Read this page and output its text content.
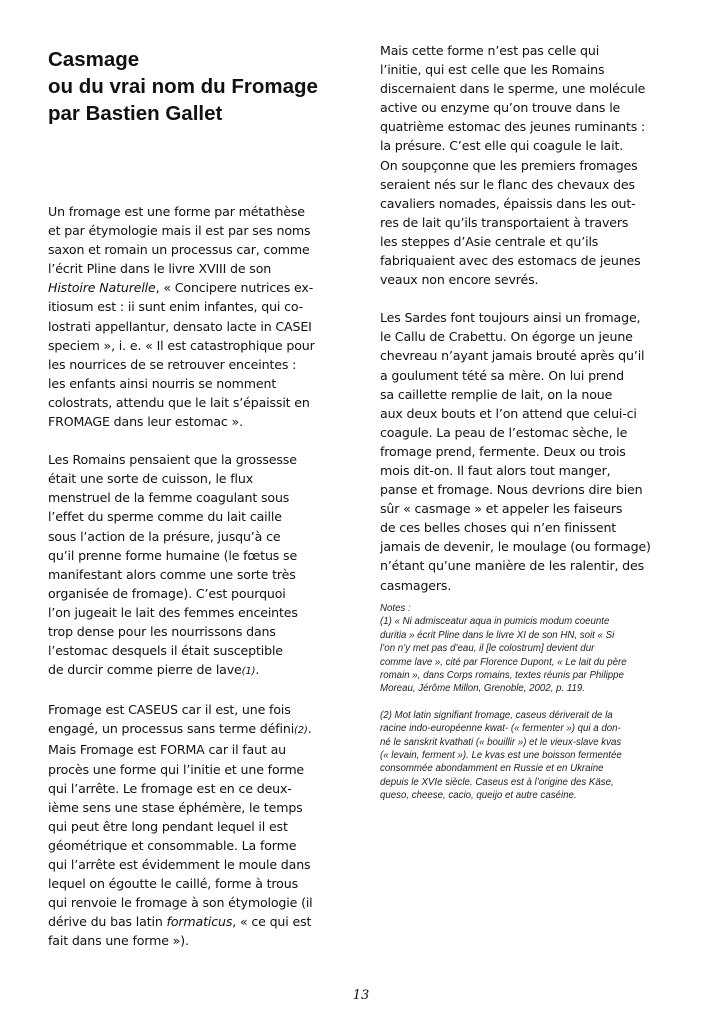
Casmage
ou du vrai nom du Fromage
par Bastien Gallet
Un fromage est une forme par métathèse
et par étymologie mais il est par ses noms
saxon et romain un processus car, comme
l’écrit Pline dans le livre XVIII de son
Histoire Naturelle, « Concipere nutrices ex-
itiosum est : ii sunt enim infantes, qui co-
lostrati appellantur, densato lacte in CASEI
speciem », i. e. « Il est catastrophique pour
les nourrices de se retrouver enceintes :
les enfants ainsi nourris se nomment
colostrats, attendu que le lait s’épaissit en
FROMAGE dans leur estomac ».
Les Romains pensaient que la grossesse
était une sorte de cuisson, le flux
menstruel de la femme coagulant sous
l’effet du sperme comme du lait caille
sous l’action de la présure, jusqu’à ce
qu’il prenne forme humaine (le fœtus se
manifestant alors comme une sorte très
organisée de fromage). C’est pourquoi
l’on jugeait le lait des femmes enceintes
trop dense pour les nourrissons dans
l’estomac desquels il était susceptible
de durcir comme pierre de lave(1).
Fromage est CASEUS car il est, une fois
engagé, un processus sans terme défini(2).
Mais Fromage est FORMA car il faut au
procès une forme qui l’initie et une forme
qui l’arrête. Le fromage est en ce deux-
ième sens une stase éphémère, le temps
qui peut être long pendant lequel il est
géométrique et consommable. La forme
qui l’arrête est évidemment le moule dans
lequel on égoutte le caillé, forme à trous
qui renvoie le fromage à son étymologie (il
dérive du bas latin formaticus, « ce qui est
fait dans une forme »).
Mais cette forme n’est pas celle qui
l’initie, qui est celle que les Romains
discernaient dans le sperme, une molécule
active ou enzyme qu’on trouve dans le
quatrième estomac des jeunes ruminants :
la présure. C’est elle qui coagule le lait.
On soupçonne que les premiers fromages
seraient nés sur le flanc des chevaux des
cavaliers nomades, épaissis dans les out-
res de lait qu’ils transportaient à travers
les steppes d’Asie centrale et qu’ils
fabriquaient avec des estomacs de jeunes
veaux non encore sevrés.
Les Sardes font toujours ainsi un fromage,
le Callu de Crabettu. On égorge un jeune
chevreau n’ayant jamais brouté après qu’il
a goulument tété sa mère. On lui prend
sa caillette remplie de lait, on la noue
aux deux bouts et l’on attend que celui-ci
coagule. La peau de l’estomac sèche, le
fromage prend, fermente. Deux ou trois
mois dit-on. Il faut alors tout manger,
panse et fromage. Nous devrions dire bien
sûr « casmage » et appeler les faiseurs
de ces belles choses qui n’en finissent
jamais de devenir, le moulage (ou formage)
n’étant qu’une manière de les ralentir, des
casmagers.
Notes :
(1) « Ni admisceatur aqua in pumicis modum coeunte
duritia » écrit Pline dans le livre XI de son HN, soit « Si
l’on n’y met pas d’eau, il [le colostrum] devient dur
comme lave », cité par Florence Dupont, « Le lait du père
romain », dans Corps romains, textes réunis par Philippe
Moreau, Jérôme Millon, Grenoble, 2002, p. 119.
(2) Mot latin signifiant fromage, caseus dériverait de la
racine indo-européenne kwat- (« fermenter ») qui a don-
né le sanskrit kvathati (« bouillir ») et le vieux-slave kvas
(« levain, ferment »). Le kvas est une boisson fermentée
consommée abondamment en Russie et en Ukraine
depuis le XVIe siècle. Caseus est à l’origine des Käse,
queso, cheese, cacio, queijo et autre caséine.
13
